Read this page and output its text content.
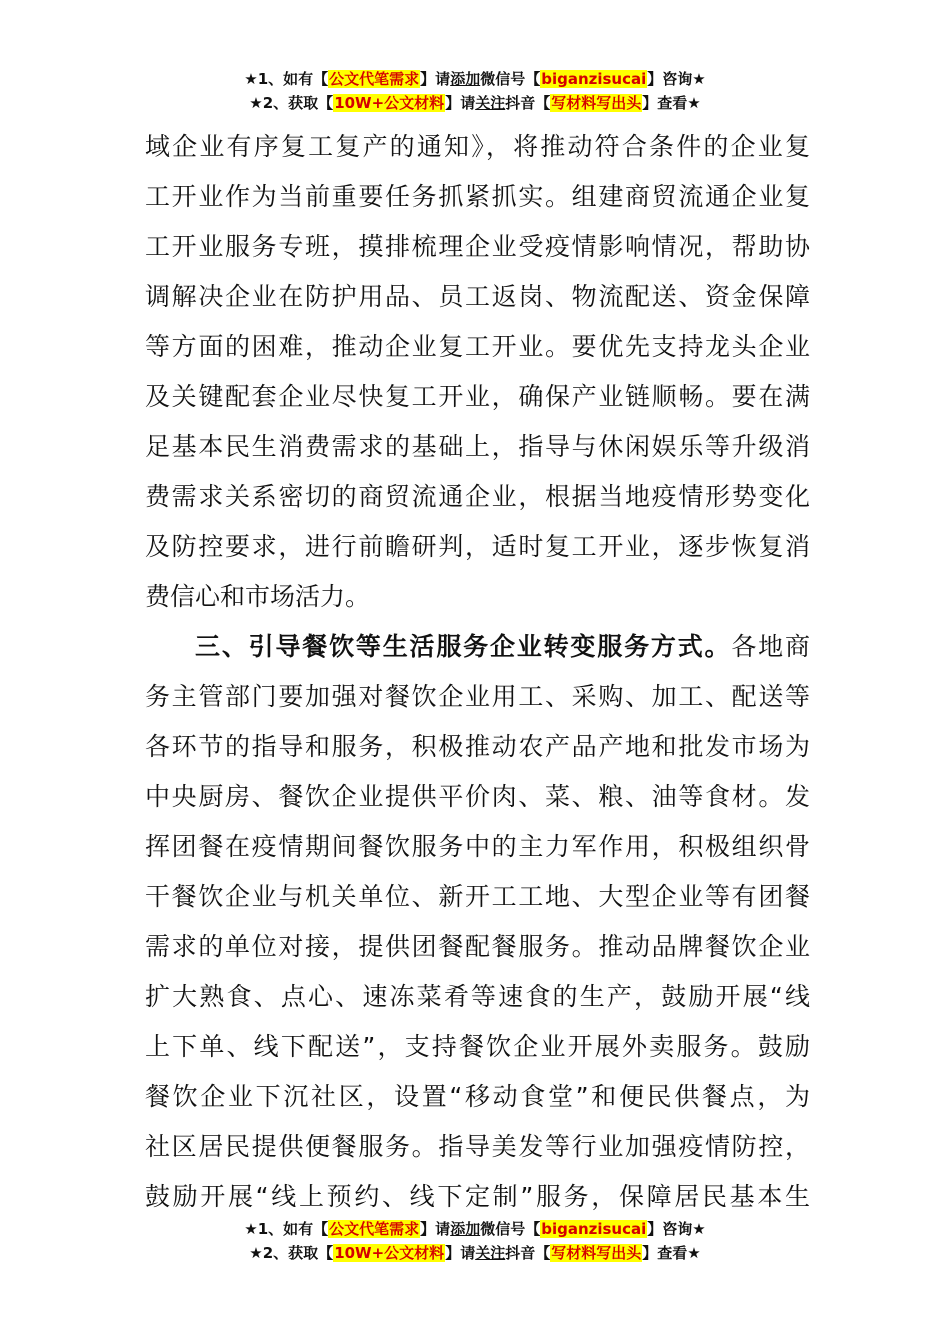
★1、如有【公文代笔需求】请添加微信号【biganzisucai】咨询★
★2、获取【10W+公文材料】请关注抖音【写材料写出头】查看★
域企业有序复工复产的通知》，将推动符合条件的企业复
工开业作为当前重要任务抓紧抓实。组建商贸流通企业复
工开业服务专班，摸排梳理企业受疫情影响情况，帮助协
调解决企业在防护用品、员工返岗、物流配送、资金保障
等方面的困难，推动企业复工开业。要优先支持龙头企业
及关键配套企业尽快复工开业，确保产业链顺畅。要在满
足基本民生消费需求的基础上，指导与休闲娱乐等升级消
费需求关系密切的商贸流通企业，根据当地疫情形势变化
及防控要求，进行前瞻研判，适时复工开业，逐步恢复消
费信心和市场活力。
三、引导餐饮等生活服务企业转变服务方式。各地商
务主管部门要加强对餐饮企业用工、采购、加工、配送等
各环节的指导和服务，积极推动农产品产地和批发市场为
中央厨房、餐饮企业提供平价肉、菜、粮、油等食材。发
挥团餐在疫情期间餐饮服务中的主力军作用，积极组织骨
干餐饮企业与机关单位、新开工工地、大型企业等有团餐
需求的单位对接，提供团餐配餐服务。推动品牌餐饮企业
扩大熟食、点心、速冻菜肴等速食的生产，鼓励开展“线
上下单、线下配送”，支持餐饮企业开展外卖服务。鼓励
餐饮企业下沉社区，设置“移动食堂”和便民供餐点，为
社区居民提供便餐服务。指导美发等行业加强疫情防控，
鼓励开展“线上预约、线下定制”服务，保障居民基本生
★1、如有【公文代笔需求】请添加微信号【biganzisucai】咨询★
★2、获取【10W+公文材料】请关注抖音【写材料写出头】查看★
